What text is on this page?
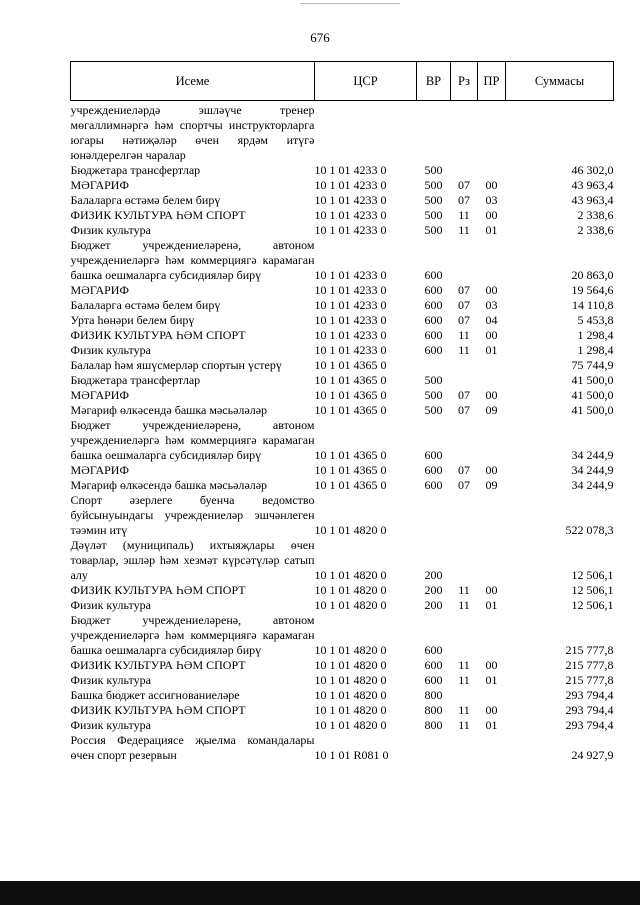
676
Исеме	ЦСР	ВР	Рз	ПР	Суммасы
учреждениеләрдә эшләүче тренер мөгаллимнәргә һәм спортчы инструкторларга югары нәтиҗәләр өчен ярдәм итүгә юнәлдерелгән чаралар					
Бюджетара трансфертлар	10 1 01 4233 0	500			46 302,0
МӘГАРИФ	10 1 01 4233 0	500	07	00	43 963,4
Балаларга өстәмә белем бирү	10 1 01 4233 0	500	07	03	43 963,4
ФИЗИК КУЛЬТУРА ҺӘМ СПОРТ	10 1 01 4233 0	500	11	00	2 338,6
Физик культура	10 1 01 4233 0	500	11	01	2 338,6
Бюджет учреждениеләренә, автоном учреждениеләргә һәм коммерциягә карамаган башка оешмаларга субсидияләр бирү	10 1 01 4233 0	600			20 863,0
МӘГАРИФ	10 1 01 4233 0	600	07	00	19 564,6
Балаларга өстәмә белем бирү	10 1 01 4233 0	600	07	03	14 110,8
Урта һөнәри белем бирү	10 1 01 4233 0	600	07	04	5 453,8
ФИЗИК КУЛЬТУРА ҺӘМ СПОРТ	10 1 01 4233 0	600	11	00	1 298,4
Физик культура	10 1 01 4233 0	600	11	01	1 298,4
Балалар һәм яшүсмерләр спортын үстерү	10 1 01 4365 0				75 744,9
Бюджетара трансфертлар	10 1 01 4365 0	500			41 500,0
МӘГАРИФ	10 1 01 4365 0	500	07	00	41 500,0
Мәгариф өлкәсендә башка мәсьәләләр	10 1 01 4365 0	500	07	09	41 500,0
Бюджет учреждениеләренә, автоном учреждениеләргә һәм коммерциягә карамаган башка оешмаларга субсидияләр бирү	10 1 01 4365 0	600			34 244,9
МӘГАРИФ	10 1 01 4365 0	600	07	00	34 244,9
Мәгариф өлкәсендә башка мәсьәләләр	10 1 01 4365 0	600	07	09	34 244,9
Спорт әзерлеге буенча ведомство буйсынуындагы учреждениеләр эшчәнлеген тәэмин итү	10 1 01 4820 0				522 078,3
Дәүләт (муниципаль) ихтыяҗлары өчен товарлар, эшләр һәм хезмәт күрсәтүләр сатып алу	10 1 01 4820 0	200			12 506,1
ФИЗИК КУЛЬТУРА ҺӘМ СПОРТ	10 1 01 4820 0	200	11	00	12 506,1
Физик культура	10 1 01 4820 0	200	11	01	12 506,1
Бюджет учреждениеләренә, автоном учреждениеләргә һәм коммерциягә карамаган башка оешмаларга субсидияләр бирү	10 1 01 4820 0	600			215 777,8
ФИЗИК КУЛЬТУРА ҺӘМ СПОРТ	10 1 01 4820 0	600	11	00	215 777,8
Физик культура	10 1 01 4820 0	600	11	01	215 777,8
Башка бюджет ассигнованиеләре	10 1 01 4820 0	800			293 794,4
ФИЗИК КУЛЬТУРА ҺӘМ СПОРТ	10 1 01 4820 0	800	11	00	293 794,4
Физик культура	10 1 01 4820 0	800	11	01	293 794,4
Россия Федерациясе җыелма командалары өчен спорт резервын	10 1 01 R081 0				24 927,9
